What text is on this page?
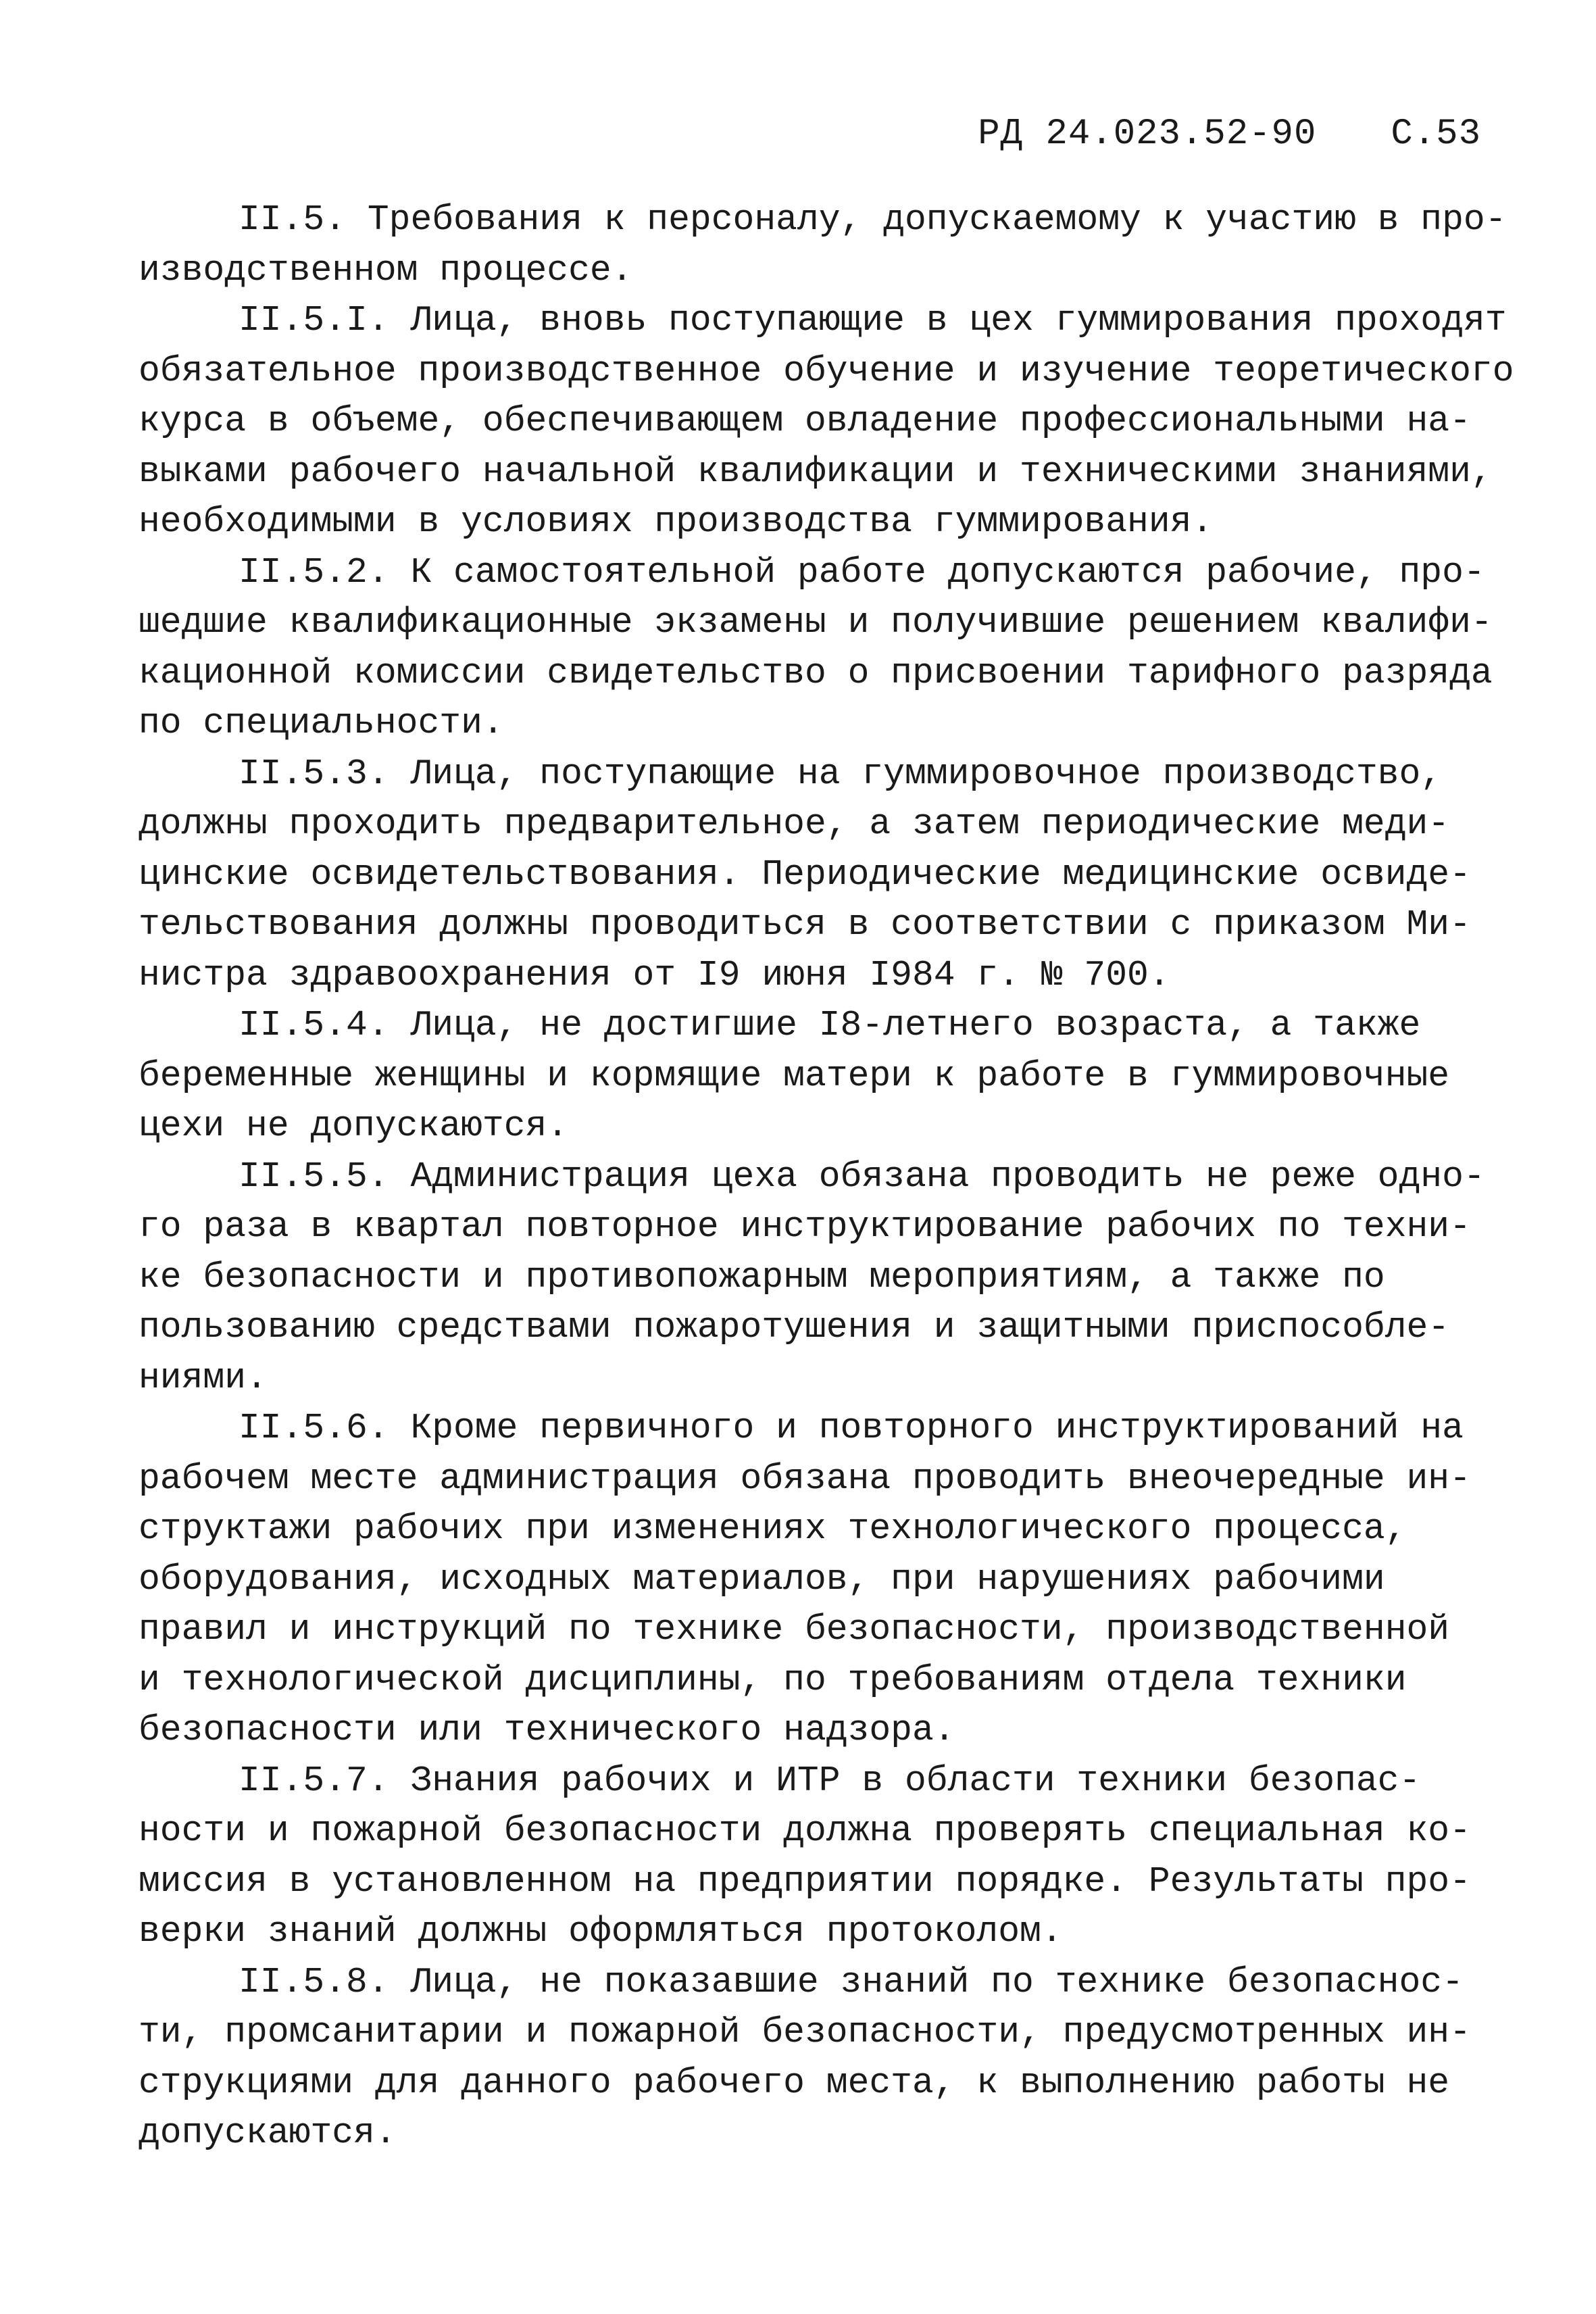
РД 24.023.52-90 С.53
II.5. Требования к персоналу, допускаемому к участию в про-
изводственном процессе.
II.5.I. Лица, вновь поступающие в цех гуммирования проходят
обязательное производственное обучение и изучение теоретического
курса в объеме, обеспечивающем овладение профессиональными на-
выками рабочего начальной квалификации и техническими знаниями,
необходимыми в условиях производства гуммирования.
II.5.2. К самостоятельной работе допускаются рабочие, про-
шедшие квалификационные экзамены и получившие решением квалифи-
кационной комиссии свидетельство о присвоении тарифного разряда
по специальности.
II.5.3. Лица, поступающие на гуммировочное производство,
должны проходить предварительное, а затем периодические меди-
цинские освидетельствования. Периодические медицинские освиде-
тельствования должны проводиться в соответствии с приказом Ми-
нистра здравоохранения от I9 июня I984 г. № 700.
II.5.4. Лица, не достигшие I8-летнего возраста, а также
беременные женщины и кормящие матери к работе в гуммировочные
цехи не допускаются.
II.5.5. Администрация цеха обязана проводить не реже одно-
го раза в квартал повторное инструктирование рабочих по техни-
ке безопасности и противопожарным мероприятиям, а также по
пользованию средствами пожаротушения и защитными приспособле-
ниями.
II.5.6. Кроме первичного и повторного инструктирований на
рабочем месте администрация обязана проводить внеочередные ин-
структажи рабочих при изменениях технологического процесса,
оборудования, исходных материалов, при нарушениях рабочими
правил и инструкций по технике безопасности, производственной
и технологической дисциплины, по требованиям отдела техники
безопасности или технического надзора.
II.5.7. Знания рабочих и ИТР в области техники безопас-
ности и пожарной безопасности должна проверять специальная ко-
миссия в установленном на предприятии порядке. Результаты про-
верки знаний должны оформляться протоколом.
II.5.8. Лица, не показавшие знаний по технике безопаснос-
ти, промсанитарии и пожарной безопасности, предусмотренных ин-
струкциями для данного рабочего места, к выполнению работы не
допускаются.
